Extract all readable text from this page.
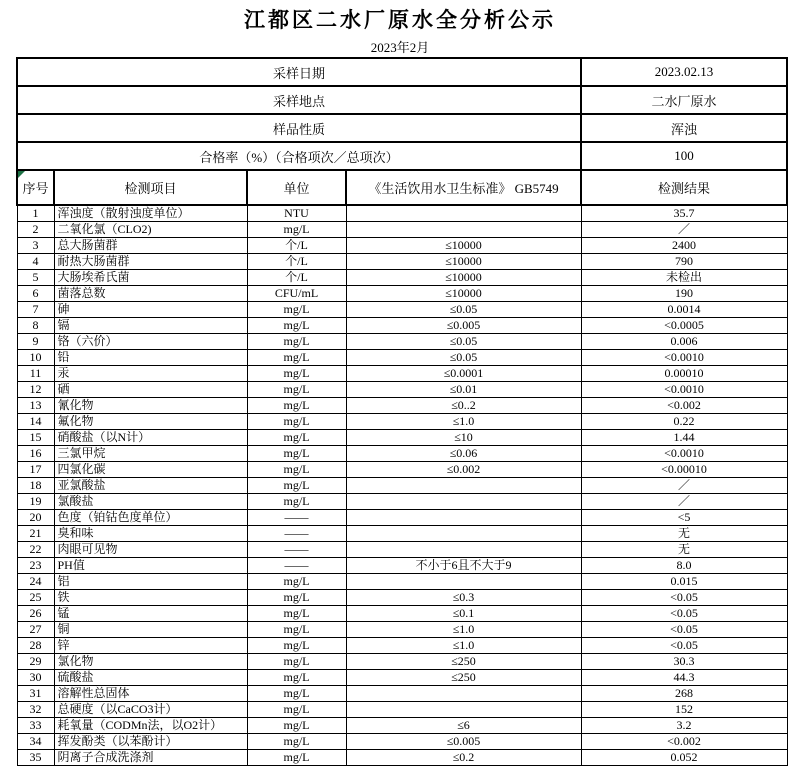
江都区二水厂原水全分析公示
2023年2月
采样日期				2023.02.13
采样地点				二水厂原水
样品性质				浑浊
合格率（%）（合格项次／总项次）				100

序号	检测项目	单位	《生活饮用水卫生标准》 GB5749	检测结果
1	浑浊度（散射浊度单位）	NTU		35.7
2	二氧化氯（CLO2)	mg/L		／
3	总大肠菌群	个/L	≤10000	2400
4	耐热大肠菌群	个/L	≤10000	790
5	大肠埃希氏菌	个/L	≤10000	未检出
6	菌落总数	CFU/mL	≤10000	190
7	砷	mg/L	≤0.05	0.0014
8	镉	mg/L	≤0.005	<0.0005
9	铬（六价）	mg/L	≤0.05	0.006
10	铅	mg/L	≤0.05	<0.0010
11	汞	mg/L	≤0.0001	0.00010
12	硒	mg/L	≤0.01	<0.0010
13	氰化物	mg/L	≤0..2	<0.002
14	氟化物	mg/L	≤1.0	0.22
15	硝酸盐（以N计）	mg/L	≤10	1.44
16	三氯甲烷	mg/L	≤0.06	<0.0010
17	四氯化碳	mg/L	≤0.002	<0.00010
18	亚氯酸盐	mg/L		／
19	氯酸盐	mg/L		／
20	色度（铂钴色度单位）	——		<5
21	臭和味	——		无
22	肉眼可见物	——		无
23	PH值	——	不小于6且不大于9	8.0
24	铝	mg/L		0.015
25	铁	mg/L	≤0.3	<0.05
26	锰	mg/L	≤0.1	<0.05
27	铜	mg/L	≤1.0	<0.05
28	锌	mg/L	≤1.0	<0.05
29	氯化物	mg/L	≤250	30.3
30	硫酸盐	mg/L	≤250	44.3
31	溶解性总固体	mg/L		268
32	总硬度（以CaCO3计）	mg/L		152
33	耗氧量（CODMn法，以O2计）	mg/L	≤6	3.2
34	挥发酚类（以苯酚计）	mg/L	≤0.005	<0.002
35	阴离子合成洗涤剂	mg/L	≤0.2	0.052
